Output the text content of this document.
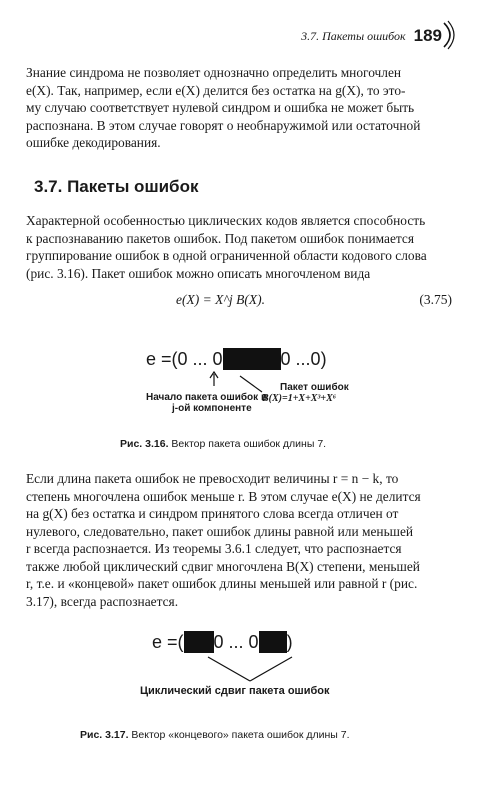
3.7. Пакеты ошибок 189
Знание синдрома не позволяет однозначно определить многочлен
e(X). Так, например, если e(X) делится без остатка на g(X), то это-
му случаю соответствует нулевой синдром и ошибка не может быть
распознана. В этом случае говорят о необнаружимой или остаточной
ошибке декодирования.
3.7. Пакеты ошибок
Характерной особенностью циклических кодов является способность
к распознаванию пакетов ошибок. Под пакетом ошибок понимается
группирование ошибок в одной ограниченной области кодового слова
(рис. 3.16). Пакет ошибок можно описать многочленом вида
e(X) = X^j B(X).	(3.75)
e =(0 ... 0	0 ...0)
Начало пакета ошибок в
j-ой компоненте
Пакет ошибок
B(X)=1+X+X³+X⁶
Рис. 3.16. Вектор пакета ошибок длины 7.
Если длина пакета ошибок не превосходит величины r = n − k, то
степень многочлена ошибок меньше r. В этом случае e(X) не делится
на g(X) без остатка и синдром принятого слова всегда отличен от
нулевого, следовательно, пакет ошибок длины равной или меньшей
r всегда распознается. Из теоремы 3.6.1 следует, что распознается
также любой циклический сдвиг многочлена B(X) степени, меньшей
r, т.е. и «концевой» пакет ошибок длины меньшей или равной r (рис.
3.17), всегда распознается.
e =( 0 ... 0 )
Циклический сдвиг пакета ошибок
Рис. 3.17. Вектор «концевого» пакета ошибок длины 7.
